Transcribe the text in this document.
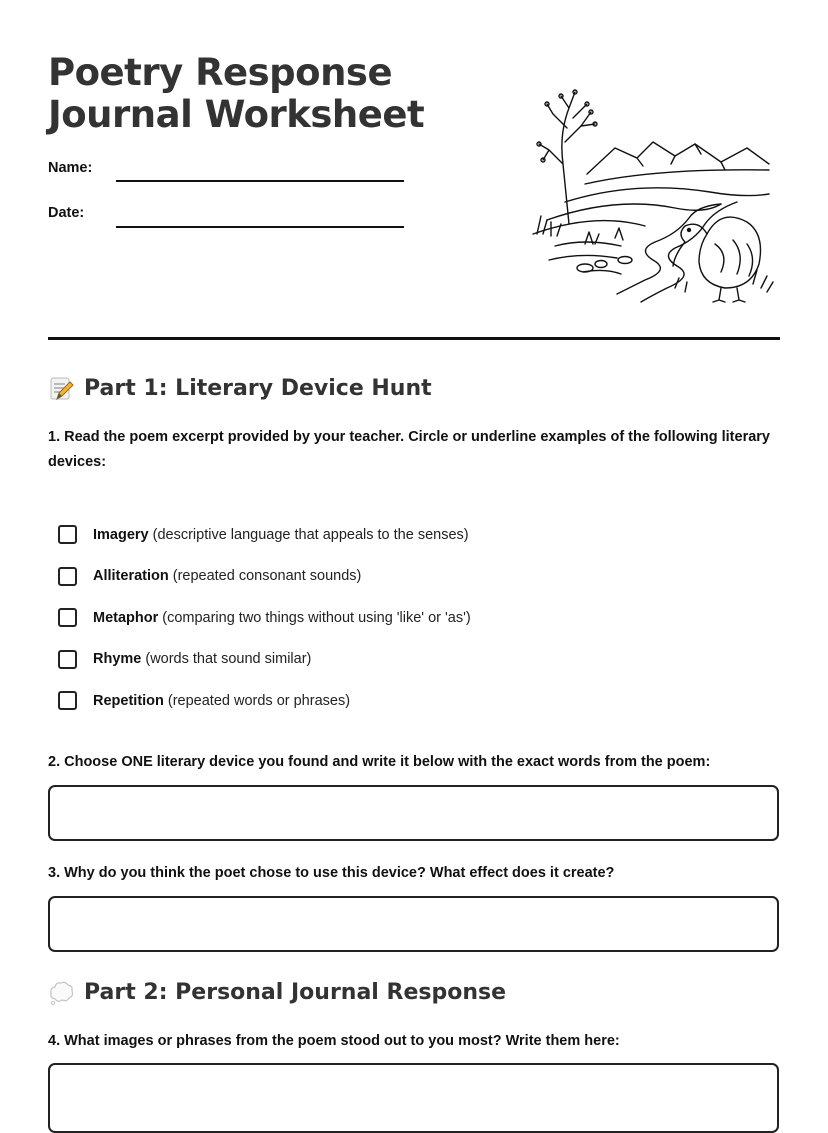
Poetry Response
Journal Worksheet
Name:
Date:
Part 1: Literary Device Hunt

1. Read the poem excerpt provided by your teacher. Circle or underline examples of the following literary devices:

Imagery (descriptive language that appeals to the senses)
Alliteration (repeated consonant sounds)
Metaphor (comparing two things without using 'like' or 'as')
Rhyme (words that sound similar)
Repetition (repeated words or phrases)

2. Choose ONE literary device you found and write it below with the exact words from the poem:

3. Why do you think the poet chose to use this device? What effect does it create?

Part 2: Personal Journal Response

4. What images or phrases from the poem stood out to you most? Write them here:
